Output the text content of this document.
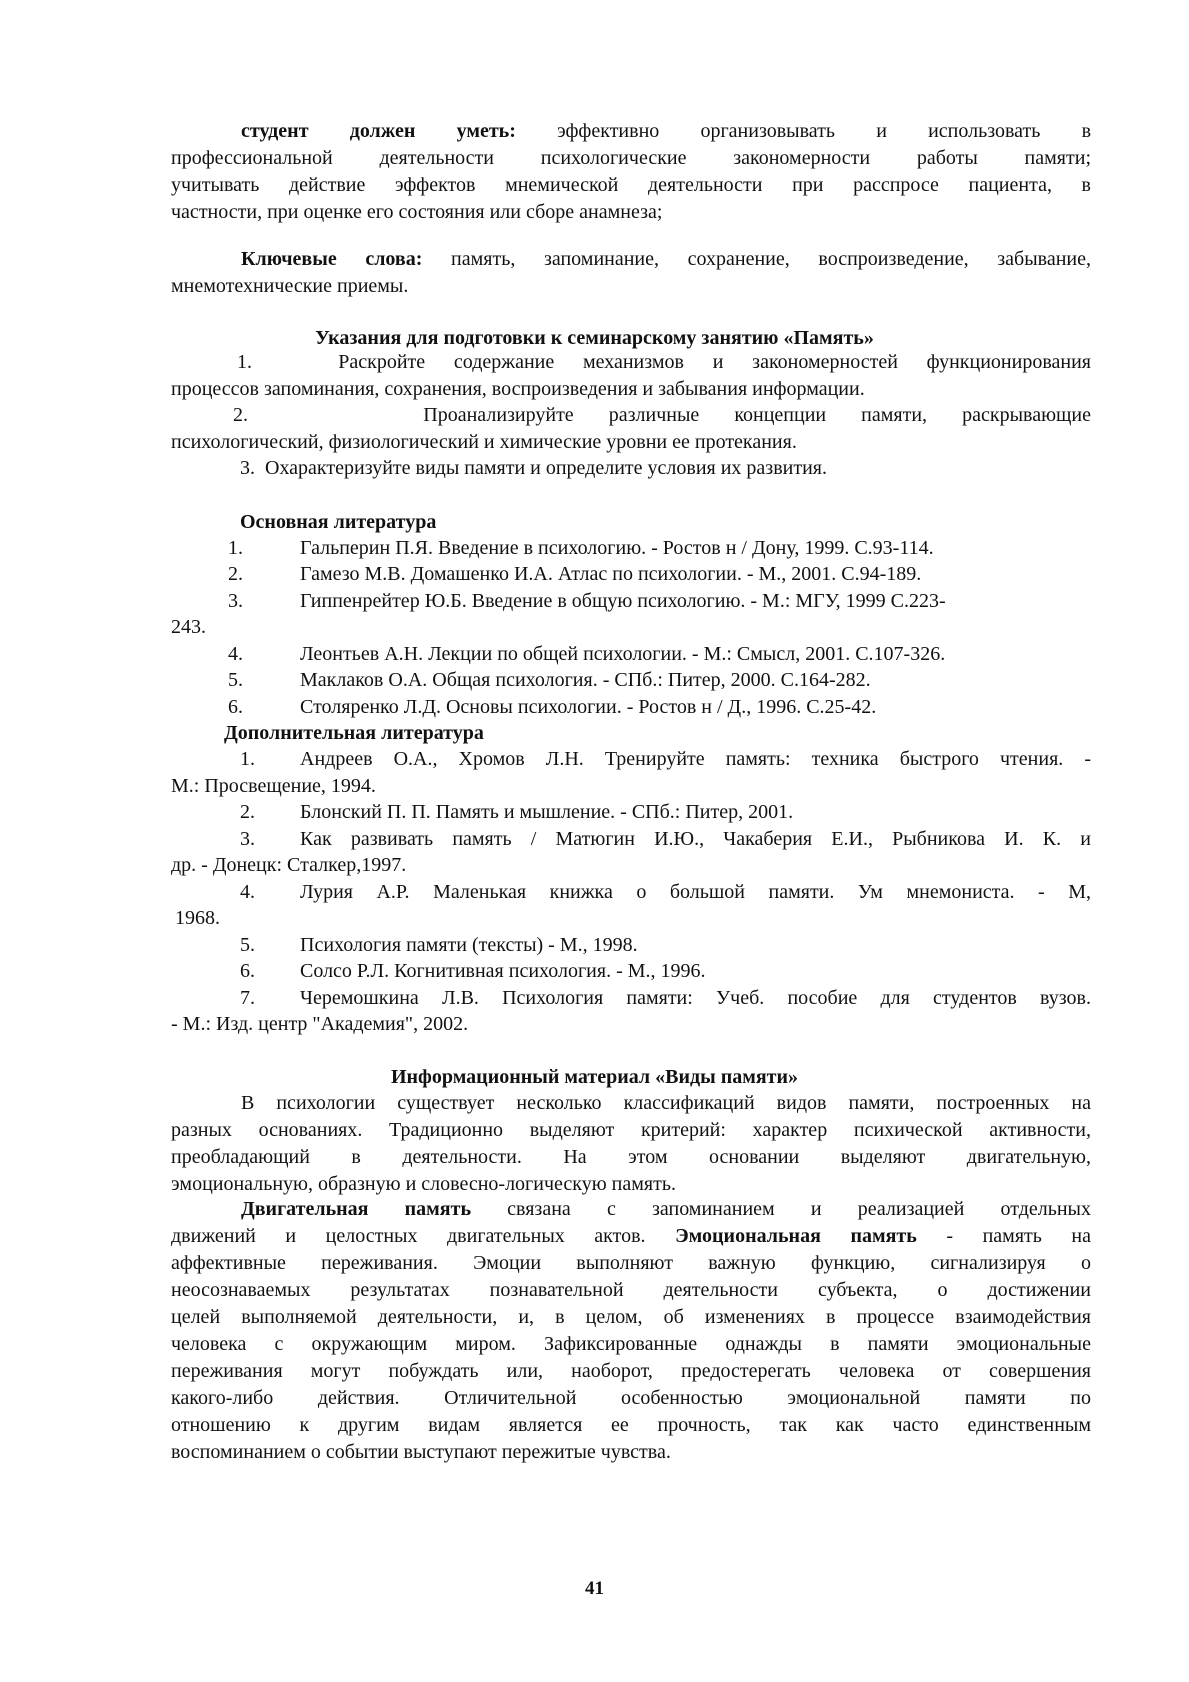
студент должен уметь: эффективно организовывать и использовать в
профессиональной деятельности психологические закономерности работы памяти;
учитывать действие эффектов мнемической деятельности при расспросе пациента, в
частности, при оценке его состояния или сборе анамнеза;
Ключевые слова: память, запоминание, сохранение, воспроизведение, забывание,
мнемотехнические приемы.
Указания для подготовки к семинарскому занятию «Память»
1.	Раскройте содержание механизмов и закономерностей функционирования
процессов запоминания, сохранения, воспроизведения и забывания информации.
2.	Проанализируйте различные концепции памяти, раскрывающие
психологический, физиологический и химические уровни ее протекания.
3. Охарактеризуйте виды памяти и определите условия их развития.
Основная литература
1.	Гальперин П.Я. Введение в психологию. - Ростов н / Дону, 1999. С.93-114.
2.	Гамезо М.В. Домашенко И.А. Атлас по психологии. - М., 2001. С.94-189.
3.	Гиппенрейтер Ю.Б. Введение в общую психологию. - М.: МГУ, 1999 С.223-
243.
4.	Леонтьев А.Н. Лекции по общей психологии. - М.: Смысл, 2001. С.107-326.
5.	Маклаков О.А. Общая психология. - СПб.: Питер, 2000. С.164-282.
6.	Столяренко Л.Д. Основы психологии. - Ростов н / Д., 1996. С.25-42.
Дополнительная литература
1. Андреев О.А., Хромов Л.Н. Тренируйте память: техника быстрого чтения. -
М.: Просвещение, 1994.
2. Блонский П. П. Память и мышление. - СПб.: Питер, 2001.
3. Как развивать память / Матюгин И.Ю., Чакаберия Е.И., Рыбникова И. К. и
др. - Донецк: Сталкер,1997.
4. Лурия А.Р. Маленькая книжка о большой памяти. Ум мнемониста. - М,
1968.
5. Психология памяти (тексты) - М., 1998.
6. Солсо Р.Л. Когнитивная психология. - М., 1996.
7. Черемошкина Л.В. Психология памяти: Учеб. пособие для студентов вузов.
- М.: Изд. центр "Академия", 2002.
Информационный материал «Виды памяти»
В психологии существует несколько классификаций видов памяти, построенных на
разных основаниях. Традиционно выделяют критерий: характер психической активности,
преобладающий в деятельности. На этом основании выделяют двигательную,
эмоциональную, образную и словесно-логическую память.
Двигательная память связана с запоминанием и реализацией отдельных
движений и целостных двигательных актов. Эмоциональная память - память на
аффективные переживания. Эмоции выполняют важную функцию, сигнализируя о
неосознаваемых результатах познавательной деятельности субъекта, о достижении
целей выполняемой деятельности, и, в целом, об изменениях в процессе взаимодействия
человека с окружающим миром. Зафиксированные однажды в памяти эмоциональные
переживания могут побуждать или, наоборот, предостерегать человека от совершения
какого-либо действия. Отличительной особенностью эмоциональной памяти по
отношению к другим видам является ее прочность, так как часто единственным
воспоминанием о событии выступают пережитые чувства.
41
